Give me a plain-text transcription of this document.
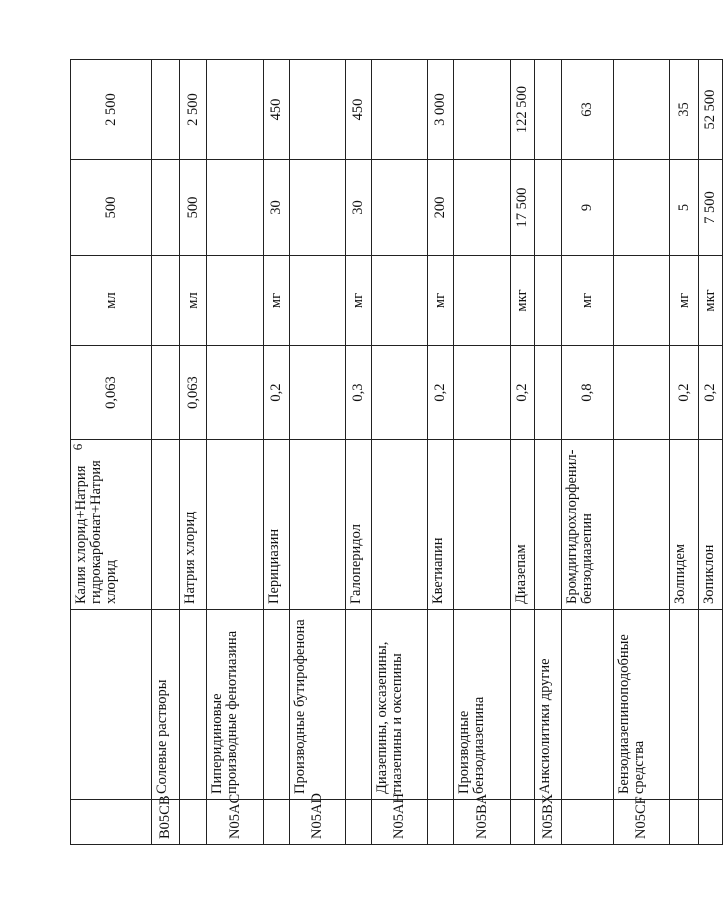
6
		Калия хлорид+Натрия гидрокарбонат+Натрия хлорид	0,063	мл	500	2 500
B05CB	Солевые растворы					
		Натрия хлорид	0,063	мл	500	2 500
N05AC	Пиперидиновые производные фенотиазина					
		Перициазин	0,2	мг	30	450
N05AD	Производные бутирофенона					
		Галоперидол	0,3	мг	30	450
N05AH	Диазепины, оксазепины, тиазепины и оксепины					
		Кветиапин	0,2	мг	200	3 000
N05BA	Производные бензодиазепина					
		Диазепам	0,2	мкг	17 500	122 500
N05BX	Анксиолитики другие					
		Бромдигидрохлорфенил-бензодиазепин	0,8	мг	9	63
N05CF	Бензодиазепиноподобные средства					
		Золпидем	0,2	мг	5	35
		Зопиклон	0,2	мкг	7 500	52 500
